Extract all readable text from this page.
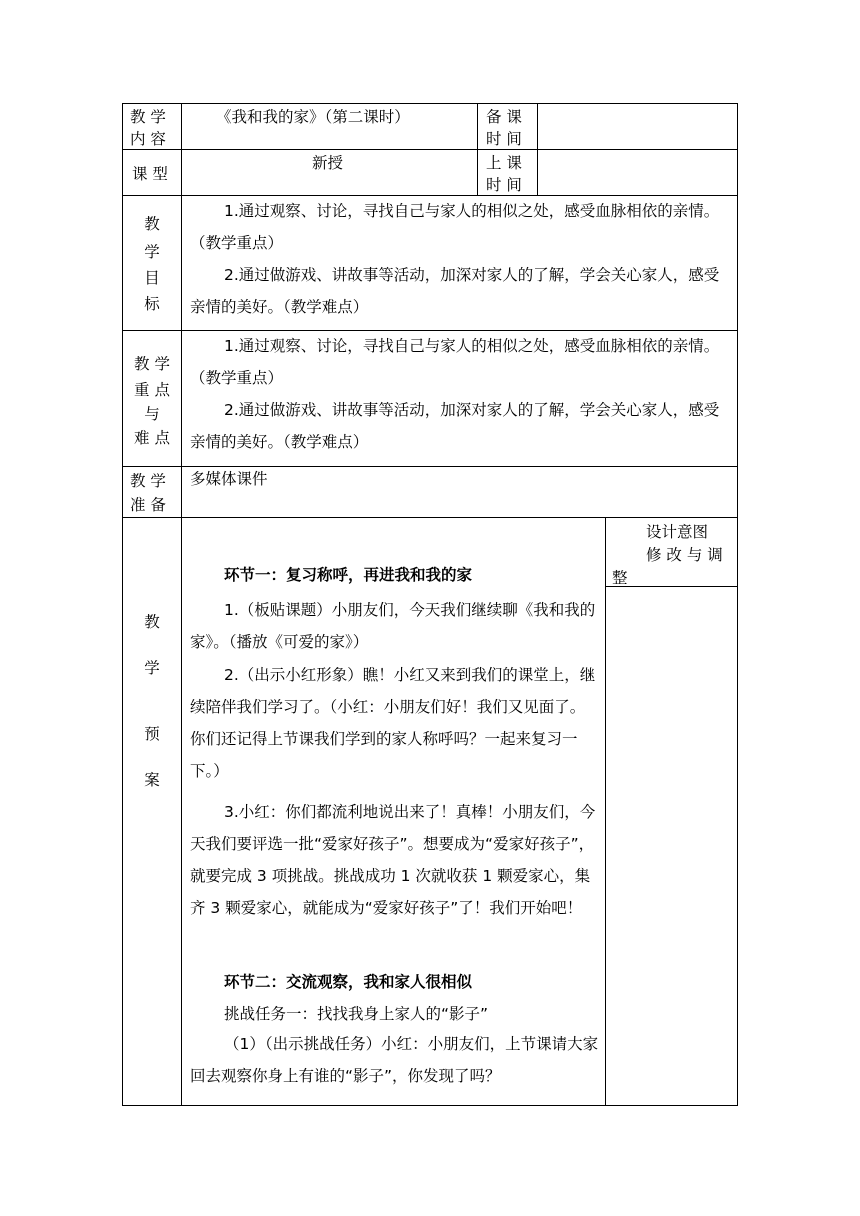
教 学
内 容
《我和我的家》（第二课时）	备 课
时 间
课 型
新授	上 课
时 间
教
学
目
标
1.通过观察、讨论，寻找自己与家人的相似之处，感受血脉相依的亲情。（教学重点）
2.通过做游戏、讲故事等活动，加深对家人的了解，学会关心家人，感受亲情的美好。（教学难点）
教 学
重 点
与
难 点
1.通过观察、讨论，寻找自己与家人的相似之处，感受血脉相依的亲情。（教学重点）
2.通过做游戏、讲故事等活动，加深对家人的了解，学会关心家人，感受亲情的美好。（教学难点）
教 学
准 备
多媒体课件
教
学
预
案
环节一：复习称呼，再进我和我的家
1.（板贴课题）小朋友们，今天我们继续聊《我和我的家》。（播放《可爱的家》）
2.（出示小红形象）瞧！小红又来到我们的课堂上，继续陪伴我们学习了。（小红：小朋友们好！我们又见面了。你们还记得上节课我们学到的家人称呼吗？一起来复习一下。）
3.小红：你们都流利地说出来了！真棒！小朋友们，今天我们要评选一批“爱家好孩子”。想要成为“爱家好孩子”，就要完成 3 项挑战。挑战成功 1 次就收获 1 颗爱家心，集齐 3 颗爱家心，就能成为“爱家好孩子”了！我们开始吧！
环节二：交流观察，我和家人很相似
挑战任务一：找找我身上家人的“影子”
（1）（出示挑战任务）小红：小朋友们，上节课请大家回去观察你身上有谁的“影子”，你发现了吗？
设计意图
修 改 与 调
整
